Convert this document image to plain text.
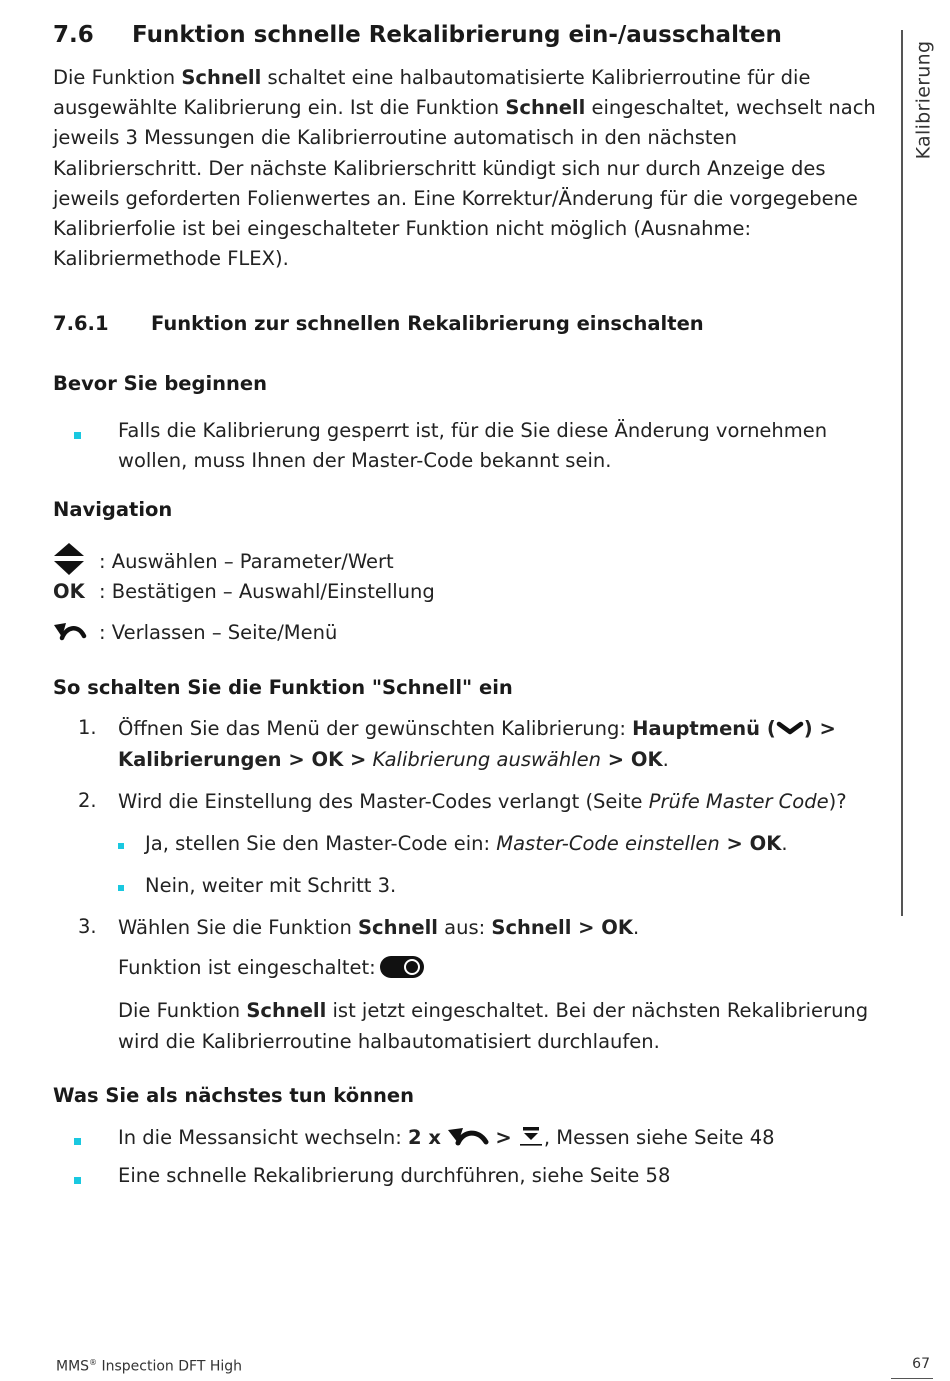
Kalibrierung
7.6	Funktion schnelle Rekalibrierung ein-/ausschalten

Die Funktion Schnell schaltet eine halbautomatisierte Kalibrierroutine für die ausgewählte Kalibrierung ein. Ist die Funktion Schnell eingeschaltet, wechselt nach jeweils 3 Messungen die Kalibrierroutine automatisch in den nächsten Kalibrierschritt. Der nächste Kalibrierschritt kündigt sich nur durch Anzeige des jeweils geforderten Folienwertes an. Eine Korrektur/Änderung für die vorgegebene Kalibrierfolie ist bei eingeschalteter Funktion nicht möglich (Ausnahme: Kalibriermethode FLEX).

7.6.1	Funktion zur schnellen Rekalibrierung einschalten
Bevor Sie beginnen
Falls die Kalibrierung gesperrt ist, für die Sie diese Änderung vornehmen wollen, muss Ihnen der Master-Code bekannt sein.
Navigation
: Auswählen – Parameter/Wert
OK : Bestätigen – Auswahl/Einstellung
: Verlassen – Seite/Menü
So schalten Sie die Funktion "Schnell" ein
1. Öffnen Sie das Menü der gewünschten Kalibrierung: Hauptmenü ( ) >
Kalibrierungen > OK > Kalibrierung auswählen > OK.
2. Wird die Einstellung des Master-Codes verlangt (Seite Prüfe Master Code)?
Ja, stellen Sie den Master-Code ein: Master-Code einstellen > OK.
Nein, weiter mit Schritt 3.
3. Wählen Sie die Funktion Schnell aus: Schnell > OK.
Funktion ist eingeschaltet:
Die Funktion Schnell ist jetzt eingeschaltet. Bei der nächsten Rekalibrierung wird die Kalibrierroutine halbautomatisiert durchlaufen.
Was Sie als nächstes tun können
In die Messansicht wechseln: 2 x	> , Messen siehe Seite 48
Eine schnelle Rekalibrierung durchführen, siehe Seite 58
MMS® Inspection DFT High	67
